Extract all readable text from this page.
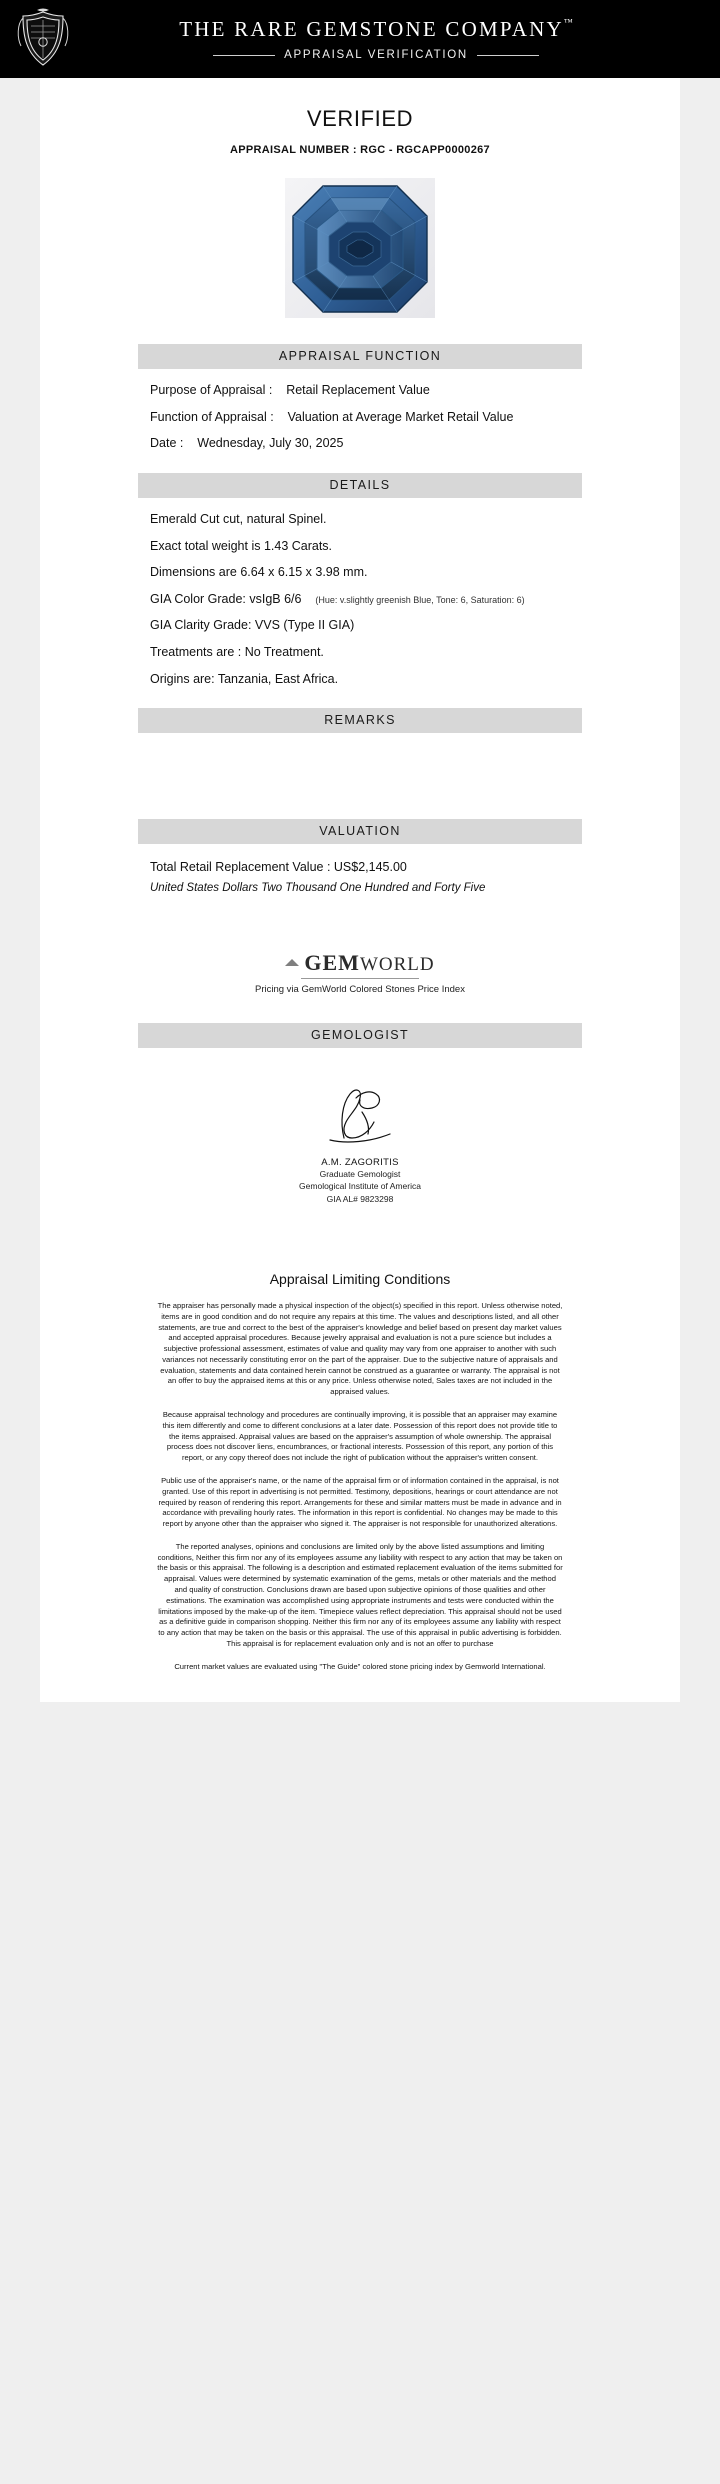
THE RARE GEMSTONE COMPANY™
APPRAISAL VERIFICATION
VERIFIED
APPRAISAL NUMBER : RGC - RGCAPP0000267
APPRAISAL FUNCTION
Purpose of Appraisal : Retail Replacement Value
Function of Appraisal : Valuation at Average Market Retail Value
Date : Wednesday, July 30, 2025
DETAILS
Emerald Cut cut, natural Spinel.
Exact total weight is 1.43 Carats.
Dimensions are 6.64 x 6.15 x 3.98 mm.
GIA Color Grade: vsIgB 6/6 (Hue: v.slightly greenish Blue, Tone: 6, Saturation: 6)
GIA Clarity Grade: VVS (Type II GIA)
Treatments are : No Treatment.
Origins are: Tanzania, East Africa.
REMARKS
VALUATION
Total Retail Replacement Value : US$2,145.00
United States Dollars Two Thousand One Hundred and Forty Five
GEMWORLD
Pricing via GemWorld Colored Stones Price Index
GEMOLOGIST
A.M. ZAGORITIS
Graduate Gemologist
Gemological Institute of America
GIA AL# 9823298
Appraisal Limiting Conditions

The appraiser has personally made a physical inspection of the object(s) specified in this report. Unless otherwise noted, items are in good condition and do not require any repairs at this time. The values and descriptions listed, and all other statements, are true and correct to the best of the appraiser's knowledge and belief based on present day market values and accepted appraisal procedures. Because jewelry appraisal and evaluation is not a pure science but includes a subjective professional assessment, estimates of value and quality may vary from one appraiser to another with such variances not necessarily constituting error on the part of the appraiser. Due to the subjective nature of appraisals and evaluation, statements and data contained herein cannot be construed as a guarantee or warranty. The appraisal is not an offer to buy the appraised items at this or any price. Unless otherwise noted, Sales taxes are not included in the appraised values.

Because appraisal technology and procedures are continually improving, it is possible that an appraiser may examine this item differently and come to different conclusions at a later date. Possession of this report does not provide title to the items appraised. Appraisal values are based on the appraiser's assumption of whole ownership. The appraisal process does not discover liens, encumbrances, or fractional interests. Possession of this report, any portion of this report, or any copy thereof does not include the right of publication without the appraiser's written consent.

Public use of the appraiser's name, or the name of the appraisal firm or of information contained in the appraisal, is not granted. Use of this report in advertising is not permitted. Testimony, depositions, hearings or court attendance are not required by reason of rendering this report. Arrangements for these and similar matters must be made in advance and in accordance with prevailing hourly rates. The information in this report is confidential. No changes may be made to this report by anyone other than the appraiser who signed it. The appraiser is not responsible for unauthorized alterations.

The reported analyses, opinions and conclusions are limited only by the above listed assumptions and limiting conditions, Neither this firm nor any of its employees assume any liability with respect to any action that may be taken on the basis or this appraisal. The following is a description and estimated replacement evaluation of the items submitted for appraisal. Values were determined by systematic examination of the gems, metals or other materials and the method and quality of construction. Conclusions drawn are based upon subjective opinions of those qualities and other estimations. The examination was accomplished using appropriate instruments and tests were conducted within the limitations imposed by the make-up of the item. Timepiece values reflect depreciation. This appraisal should not be used as a definitive guide in comparison shopping. Neither this firm nor any of its employees assume any liability with respect to any action that may be taken on the basis or this appraisal. The use of this appraisal in public advertising is forbidden. This appraisal is for replacement evaluation only and is not an offer to purchase

Current market values are evaluated using "The Guide" colored stone pricing index by Gemworld International.
